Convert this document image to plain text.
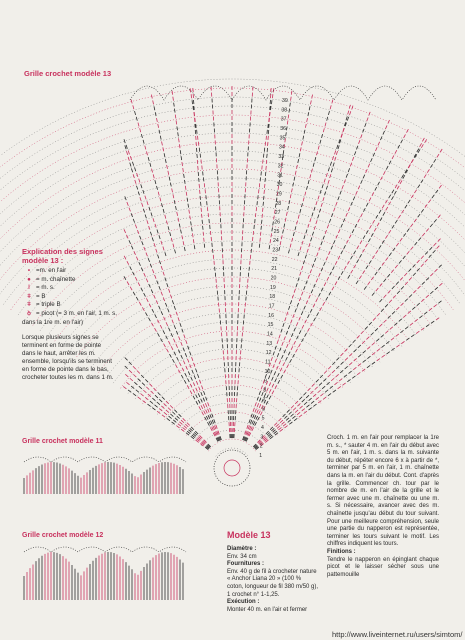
Grille crochet modèle 13
39
38
37
36
35
34
33
32
31
30
29
28
27
26
25
24
23
22
21
20
19
18
17
16
15
14
13
12
11
10
9
8
7
6
5
4
3
2
1
Explication des signes modèle 13 :
• =m. en l'air
● = m. chaînette
ǀ = m. s.
ǂ = B
ǂ = triple B
ꝺ = picot (= 3 m. en l'air, 1 m. s. dans la 1re m. en l'air)
Lorsque plusieurs signes se terminent en forme de pointe dans le haut, arrêter les m. ensemble, lorsqu'ils se terminent en forme de pointe dans le bas, crocheter toutes les m. dans 1 m.
Grille crochet modèle 11
Grille crochet modèle 12	Modèle 13
Diamètre :
Env. 34 cm
Fournitures :
Env. 40 g de fil à crocheter nature « Anchor Liana 20 » (100 % coton, longueur de fil 380 m/50 g), 1 crochet n° 1-1,25.
Exécution :
Monter 40 m. en l'air et fermer
Croch. 1 m. en l'air pour remplacer la 1re m. s., * sauter 4 m. en l'air du début avec 5 m. en l'air, 1 m. s. dans la m. suivante du début, répéter encore 6 x à partir de *, terminer par 5 m. en l'air, 1 m. chaînette dans la m. en l'air du début. Cont. d'après la grille. Commencer ch. tour par le nombre de m. en l'air de la grille et le fermer avec une m. chaînette ou une m. s. Si nécessaire, avancer avec des m. chaînette jusqu'au début du tour suivant. Pour une meilleure compréhension, seule une partie du napperon est représentée, terminer les tours suivant le motif. Les chiffres indiquent les tours.
Finitions :
Tendre le napperon en épinglant chaque picot et le laisser sécher sous une pattemouille
http://www.liveinternet.ru/users/simtom/
